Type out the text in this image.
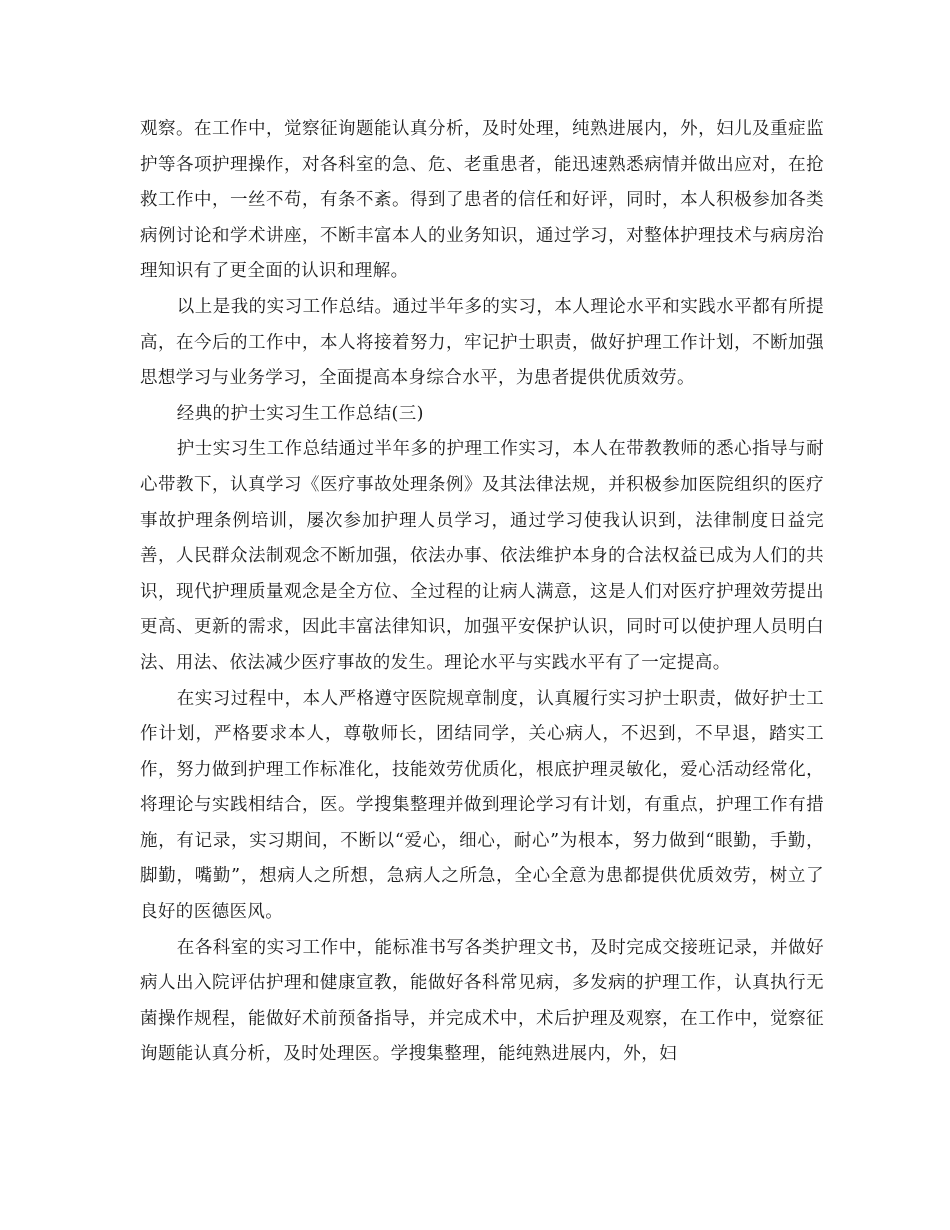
观察。在工作中，觉察征询题能认真分析，及时处理，纯熟进展内，外，妇儿及重症监护等各项护理操作，对各科室的急、危、老重患者，能迅速熟悉病情并做出应对，在抢救工作中，一丝不苟，有条不紊。得到了患者的信任和好评，同时，本人积极参加各类病例讨论和学术讲座，不断丰富本人的业务知识，通过学习，对整体护理技术与病房治理知识有了更全面的认识和理解。

以上是我的实习工作总结。通过半年多的实习，本人理论水平和实践水平都有所提高，在今后的工作中，本人将接着努力，牢记护士职责，做好护理工作计划，不断加强思想学习与业务学习，全面提高本身综合水平，为患者提供优质效劳。

经典的护士实习生工作总结(三)

护士实习生工作总结通过半年多的护理工作实习，本人在带教教师的悉心指导与耐心带教下，认真学习《医疗事故处理条例》及其法律法规，并积极参加医院组织的医疗事故护理条例培训，屡次参加护理人员学习，通过学习使我认识到，法律制度日益完善，人民群众法制观念不断加强，依法办事、依法维护本身的合法权益已成为人们的共识，现代护理质量观念是全方位、全过程的让病人满意，这是人们对医疗护理效劳提出更高、更新的需求，因此丰富法律知识，加强平安保护认识，同时可以使护理人员明白法、用法、依法减少医疗事故的发生。理论水平与实践水平有了一定提高。

在实习过程中，本人严格遵守医院规章制度，认真履行实习护士职责，做好护士工作计划，严格要求本人，尊敬师长，团结同学，关心病人，不迟到，不早退，踏实工作，努力做到护理工作标准化，技能效劳优质化，根底护理灵敏化，爱心活动经常化，将理论与实践相结合，医。学搜集整理并做到理论学习有计划，有重点，护理工作有措施，有记录，实习期间，不断以“爱心，细心，耐心”为根本，努力做到“眼勤，手勤，脚勤，嘴勤”，想病人之所想，急病人之所急，全心全意为患都提供优质效劳，树立了良好的医德医风。

在各科室的实习工作中，能标准书写各类护理文书，及时完成交接班记录，并做好病人出入院评估护理和健康宣教，能做好各科常见病，多发病的护理工作，认真执行无菌操作规程，能做好术前预备指导，并完成术中，术后护理及观察，在工作中，觉察征询题能认真分析，及时处理医。学搜集整理，能纯熟进展内，外，妇
